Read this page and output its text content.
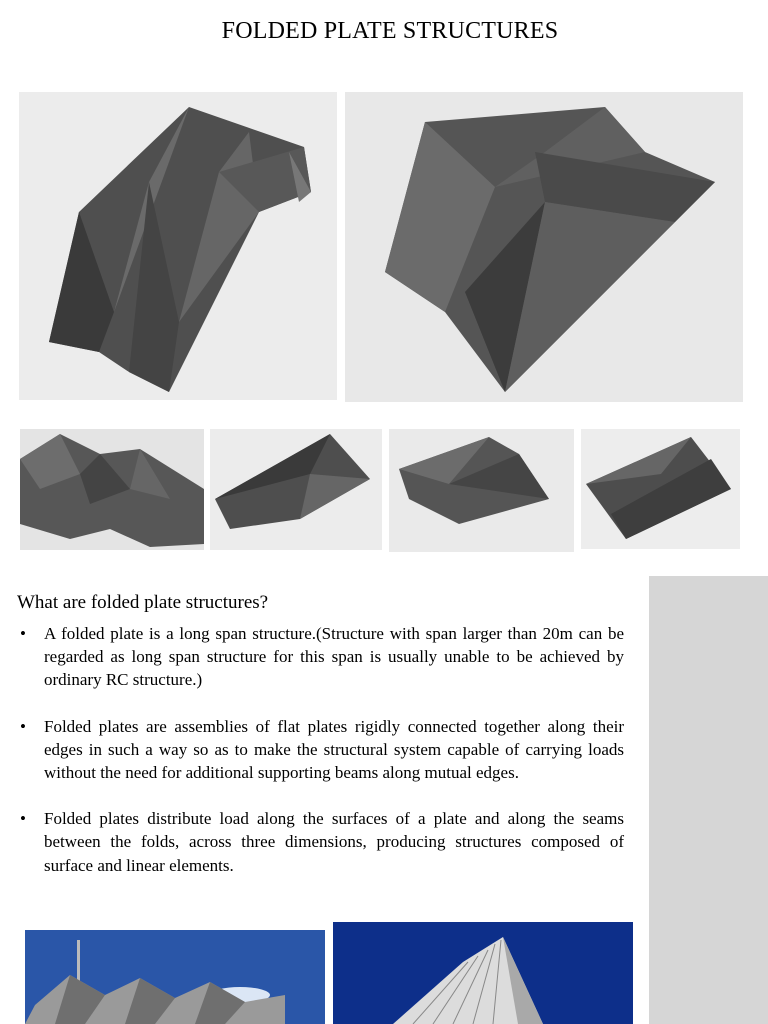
FOLDED PLATE STRUCTURES
What are folded plate structures?
• A folded plate is a long span structure.(Structure with span larger than 20m can be regarded as long span structure for this span is usually unable to be achieved by ordinary RC structure.)
• Folded plates are assemblies of flat plates rigidly connected together along their edges in such a way so as to make the structural system capable of carrying loads without the need for additional supporting beams along mutual edges.
• Folded plates distribute load along the surfaces of a plate and along the seams between the folds, across three dimensions, producing structures composed of surface and linear elements.
